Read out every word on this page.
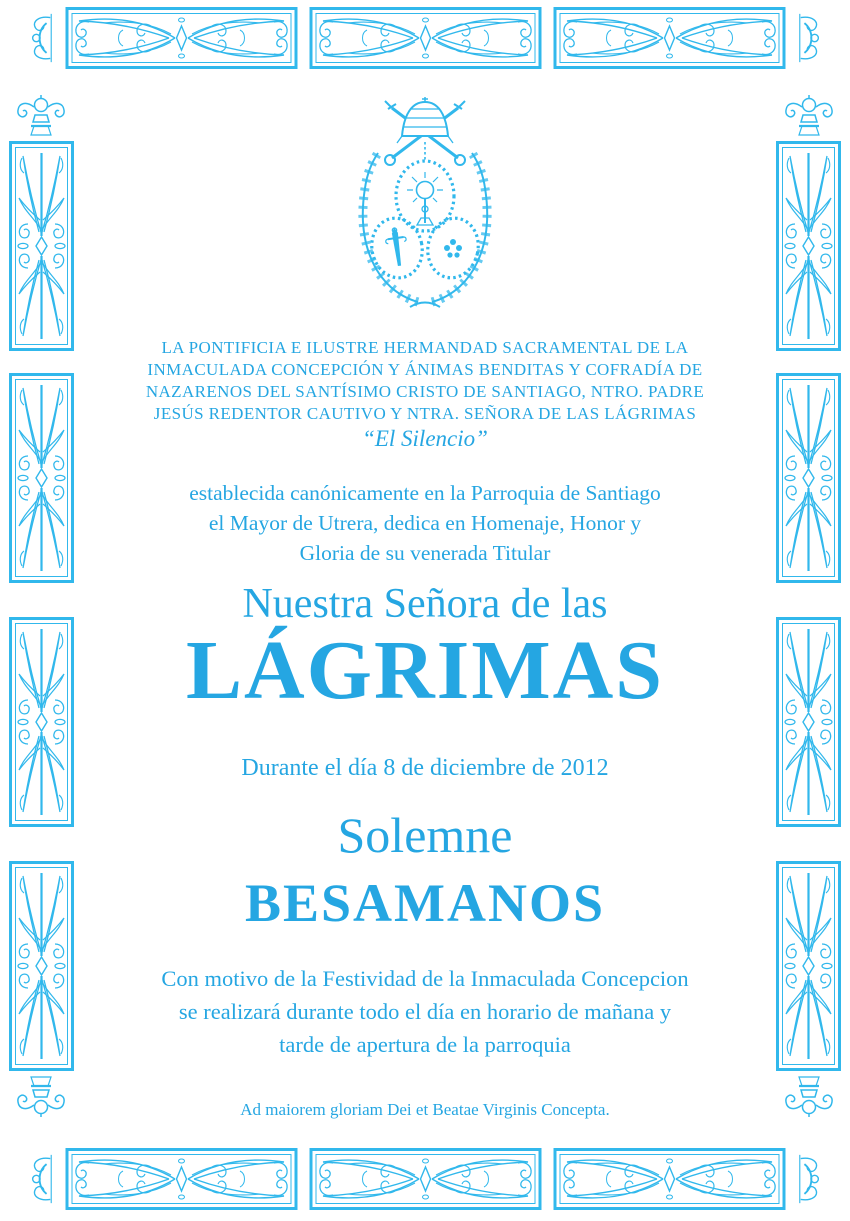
LA PONTIFICIA E ILUSTRE HERMANDAD SACRAMENTAL DE LA
INMACULADA CONCEPCIÓN Y ÁNIMAS BENDITAS Y COFRADÍA DE
NAZARENOS DEL SANTÍSIMO CRISTO DE SANTIAGO, NTRO. PADRE
JESÚS REDENTOR CAUTIVO Y NTRA. SEÑORA DE LAS LÁGRIMAS
“El Silencio”
establecida canónicamente en la Parroquia de Santiago
el Mayor de Utrera, dedica en Homenaje, Honor y
Gloria de su venerada Titular
Nuestra Señora de las
LÁGRIMAS
Durante el día 8 de diciembre de 2012
Solemne
BESAMANOS
Con motivo de la Festividad de la Inmaculada Concepcion
se realizará durante todo el día en horario de mañana y
tarde de apertura de la parroquia
Ad maiorem gloriam Dei et Beatae Virginis Concepta.
